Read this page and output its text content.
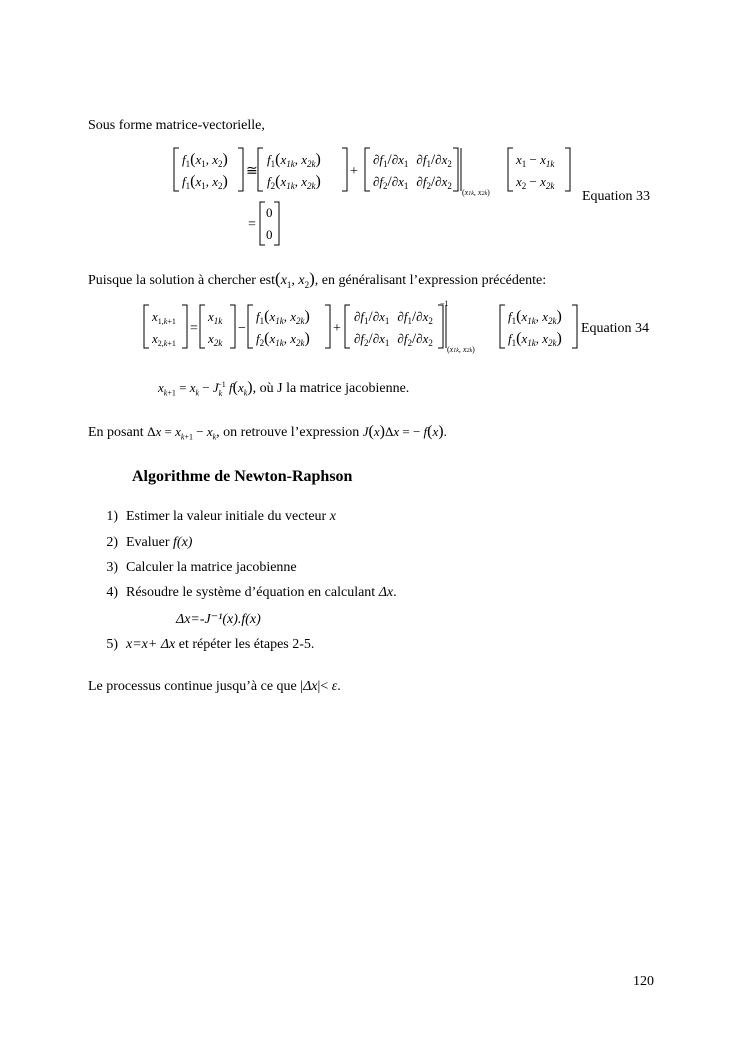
Sous forme matrice-vectorielle,
$f_1(x_1$, $x_2$)
$f_1(x_1$, $x_2$)
≅
$f_1(x_{1k}$, $x_{2k}$)
$f_2(x_{1k}$, $x_{2k}$)
+
$\partial f_1/\partial x_1$ $\partial f_1/\partial x_2$
$\partial f_2/\partial x_1$ $\partial f_2/\partial x_2$
(x1k, x2k)
$x_1 - x_{1k}$
$x_2 - x_{2k}$
=
0
0
Equation 33
Puisque la solution à chercher $est(x_1$, $x_2$), en généralisant l’expression précédente:
$x_{1,k+1}$
$x_{2,k+1}$
=
$x_{1k}$
$x_{2k}$
−
$f_1(x_{1k}$, $x_{2k}$)
$f_2(x_{1k}$, $x_{2k}$)
+
$\partial f_1/\partial x_1$ $\partial f_1/\partial x_2$
$\partial f_2/\partial x_1$ $\partial f_2/\partial x_2$
−1
(x1k, x2k)
$f_1(x_{1k}$, $x_{2k}$)
$f_1(x_{1k}$, $x_{2k}$)
Equation 34
$x_{k+1} = x_k - J_k^{-1}$ $f(x_k)$, où J la matrice jacobienne.
En posant $\Delta x = x_{k+1} - x_k$, on retrouve l’expression J(x)Δx = − f(x).
Algorithme de Newton-Raphson
1) Estimer la valeur initiale du vecteur x
2) Evaluer f(x)
3) Calculer la matrice jacobienne
4) Résoudre le système d’équation en calculant Δx.
Δx=-J⁻¹(x).f(x)
5) x=x+ Δx et répéter les étapes 2-5.
Le processus continue jusqu’à ce que |Δx|< ε.
120
